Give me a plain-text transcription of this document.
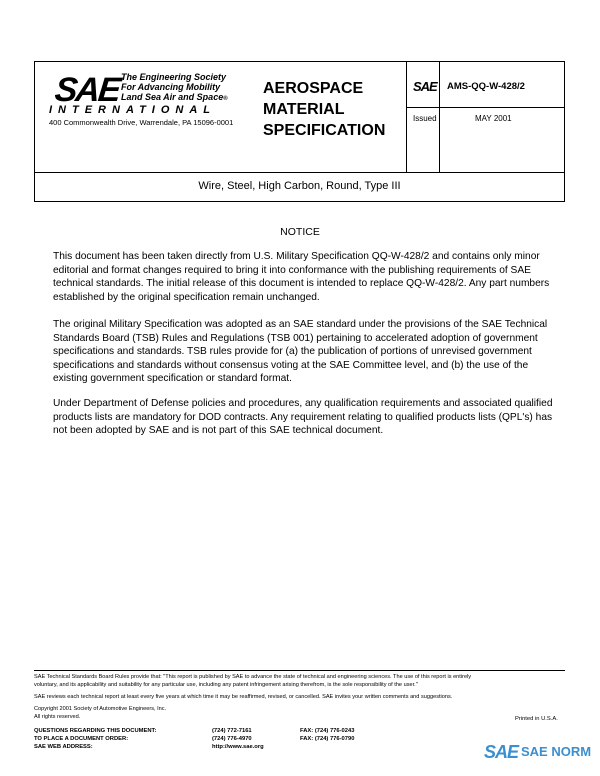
SAE The Engineering Society
For Advancing Mobility
Land Sea Air and Space®
INTERNATIONAL
400 Commonwealth Drive, Warrendale, PA 15096-0001
AEROSPACE
MATERIAL
SPECIFICATION
SAE AMS-QQ-W-428/2
Issued	MAY 2001
Wire, Steel, High Carbon, Round, Type III
NOTICE
This document has been taken directly from U.S. Military Specification QQ-W-428/2 and contains only minor editorial and format changes required to bring it into conformance with the publishing requirements of SAE technical standards. The initial release of this document is intended to replace QQ-W-428/2. Any part numbers established by the original specification remain unchanged.
The original Military Specification was adopted as an SAE standard under the provisions of the SAE Technical Standards Board (TSB) Rules and Regulations (TSB 001) pertaining to accelerated adoption of government specifications and standards. TSB rules provide for (a) the publication of portions of unrevised government specifications and standards without consensus voting at the SAE Committee level, and (b) the use of the existing government specification or standard format.
Under Department of Defense policies and procedures, any qualification requirements and associated qualified products lists are mandatory for DOD contracts. Any requirement relating to qualified products lists (QPL's) has not been adopted by SAE and is not part of this SAE technical document.
SAE Technical Standards Board Rules provide that: "This report is published by SAE to advance the state of technical and engineering sciences. The use of this report is entirely
voluntary, and its applicability and suitability for any particular use, including any patent infringement arising therefrom, is the sole responsibility of the user."
SAE reviews each technical report at least every five years at which time it may be reaffirmed, revised, or cancelled. SAE invites your written comments and suggestions.
Copyright 2001 Society of Automotive Engineers, Inc.
All rights reserved.	Printed in U.S.A.
QUESTIONS REGARDING THIS DOCUMENT:	(724) 772-7161	FAX: (724) 776-0243
TO PLACE A DOCUMENT ORDER:	(724) 776-4970	FAX: (724) 776-0790
SAE WEB ADDRESS:	http://www.sae.org	SAE SAE NORM
